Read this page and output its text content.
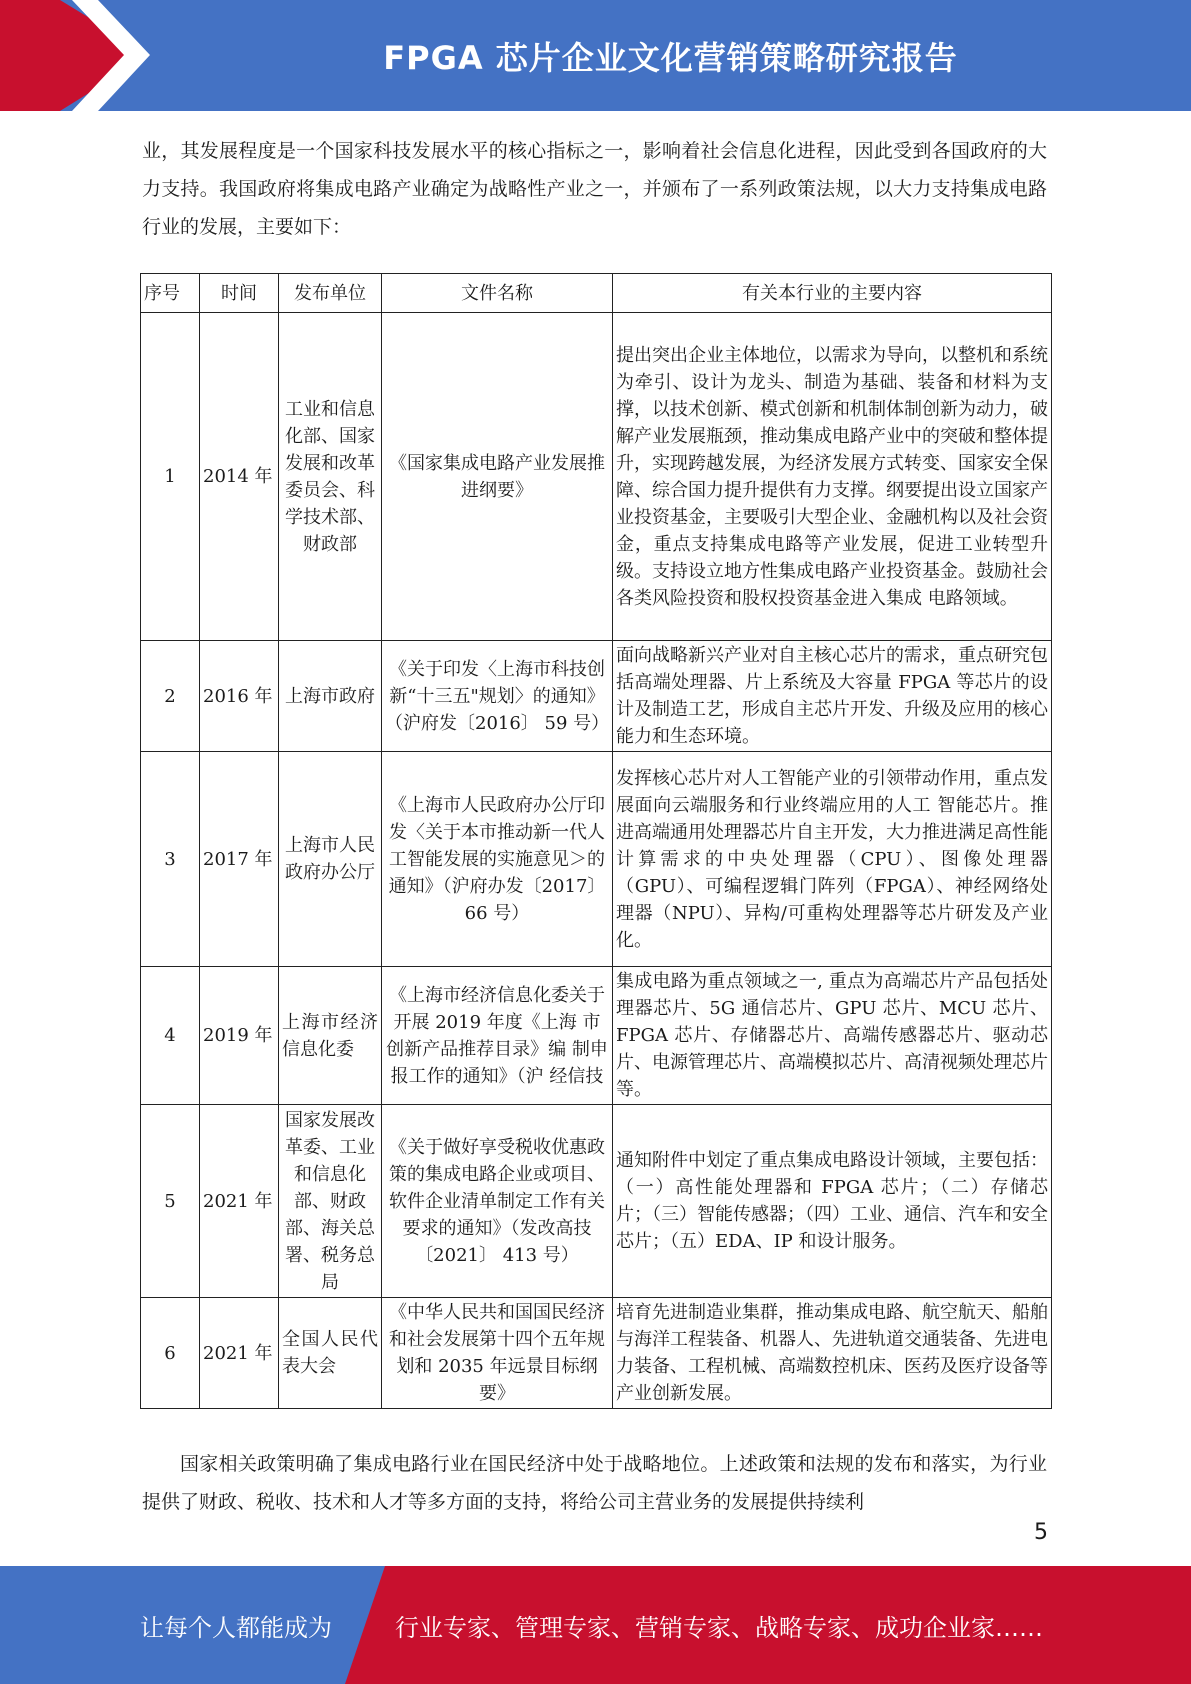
FPGA 芯片企业文化营销策略研究报告
业，其发展程度是一个国家科技发展水平的核心指标之一，影响着社会信息化进程，因此受到各国政府的大力支持。我国政府将集成电路产业确定为战略性产业之一，并颁布了一系列政策法规，以大力支持集成电路行业的发展，主要如下：
序号	时间	发布单位	文件名称	有关本行业的主要内容
1	2014 年	工业和信息化部、国家发展和改革委员会、科学技术部、财政部	《国家集成电路产业发展推进纲要》	提出突出企业主体地位，以需求为导向，以整机和系统为牵引、设计为龙头、制造为基础、装备和材料为支撑，以技术创新、模式创新和机制体制创新为动力，破解产业发展瓶颈，推动集成电路产业中的突破和整体提升，实现跨越发展，为经济发展方式转变、国家安全保障、综合国力提升提供有力支撑。纲要提出设立国家产业投资基金，主要吸引大型企业、金融机构以及社会资金，重点支持集成电路等产业发展，促进工业转型升级。支持设立地方性集成电路产业投资基金。鼓励社会各类风险投资和股权投资基金进入集成 电路领域。
2	2016 年	上海市政府	《关于印发〈上海市科技创新“十三五"规划〉的通知》（沪府发〔2016〕 59 号）	面向战略新兴产业对自主核心芯片的需求，重点研究包括高端处理器、片上系统及大容量 FPGA 等芯片的设计及制造工艺，形成自主芯片开发、升级及应用的核心能力和生态环境。
3	2017 年	上海市人民政府办公厅	《上海市人民政府办公厅印发〈关于本市推动新一代人工智能发展的实施意见＞的通知》（沪府办发〔2017〕 66 号）	发挥核心芯片对人工智能产业的引领带动作用，重点发展面向云端服务和行业终端应用的人工 智能芯片。推进高端通用处理器芯片自主开发，大力推进满足高性能计算需求的中央处理器（CPU）、图像处理器（GPU）、可编程逻辑门阵列（FPGA）、神经网络处理器（NPU）、异构/可重构处理器等芯片研发及产业化。
4	2019 年	上海市经济信息化委	《上海市经济信息化委关于开展 2019 年度《上海 市创新产品推荐目录》编 制申报工作的通知》（沪 经信技	集成电路为重点领域之一, 重点为高端芯片产品包括处理器芯片、5G 通信芯片、GPU 芯片、MCU 芯片、FPGA 芯片、存储器芯片、高端传感器芯片、驱动芯片、电源管理芯片、高端模拟芯片、高清视频处理芯片等。
5	2021 年	国家发展改革委、工业和信息化部、财政部、海关总署、税务总局	《关于做好享受税收优惠政策的集成电路企业或项目、软件企业清单制定工作有关要求的通知》（发改高技〔2021〕 413 号）	通知附件中划定了重点集成电路设计领域，主要包括：（一）高性能处理器和 FPGA 芯片；（二）存储芯片；（三）智能传感器；（四）工业、通信、汽车和安全芯片；（五）EDA、IP 和设计服务。
6	2021 年	全国人民代表大会	《中华人民共和国国民经济和社会发展第十四个五年规划和 2035 年远景目标纲要》	培育先进制造业集群，推动集成电路、航空航天、船舶与海洋工程装备、机器人、先进轨道交通装备、先进电力装备、工程机械、高端数控机床、医药及医疗设备等产业创新发展。
国家相关政策明确了集成电路行业在国民经济中处于战略地位。上述政策和法规的发布和落实，为行业提供了财政、税收、技术和人才等多方面的支持，将给公司主营业务的发展提供持续利
5
让每个人都能成为	行业专家、管理专家、营销专家、战略专家、成功企业家……
